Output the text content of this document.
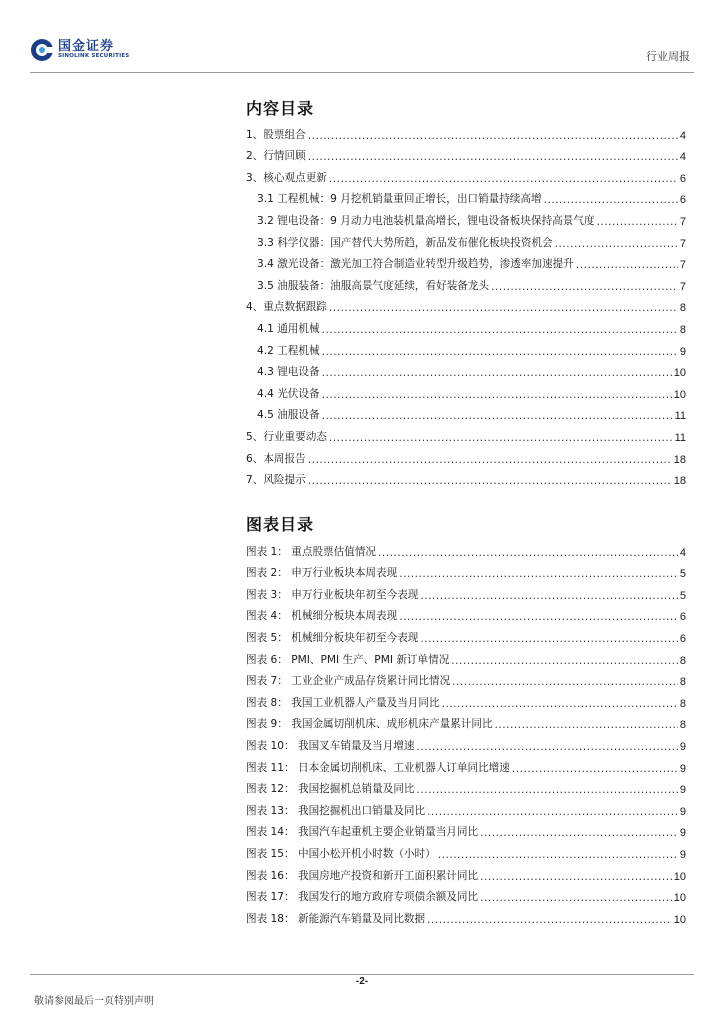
国金证券
SINOLINK SECURITIES	行业周报
内容目录
1、股票组合 .....	4
2、行情回顾 .....	4
3、核心观点更新 .....	6
3.1 工程机械：9 月挖机销量重回正增长，出口销量持续高增 .....	6
3.2 锂电设备：9 月动力电池装机量高增长，锂电设备板块保持高景气度 .....	7
3.3 科学仪器：国产替代大势所趋，新品发布催化板块投资机会 .....	7
3.4 激光设备：激光加工符合制造业转型升级趋势，渗透率加速提升 .....	7
3.5 油服装备：油服高景气度延续，看好装备龙头 .....	7
4、重点数据跟踪 .....	8
4.1 通用机械 .....	8
4.2 工程机械 .....	9
4.3 锂电设备 .....	10
4.4 光伏设备 .....	10
4.5 油服设备 .....	11
5、行业重要动态 .....	11
6、本周报告 .....	18
7、风险提示 .....	18
图表目录
图表 1： 重点股票估值情况 .....	4
图表 2： 申万行业板块本周表现 .....	5
图表 3： 申万行业板块年初至今表现 .....	5
图表 4： 机械细分板块本周表现 .....	6
图表 5： 机械细分板块年初至今表现 .....	6
图表 6： PMI、PMI 生产、PMI 新订单情况 .....	8
图表 7： 工业企业产成品存货累计同比情况 .....	8
图表 8： 我国工业机器人产量及当月同比 .....	8
图表 9： 我国金属切削机床、成形机床产量累计同比 .....	8
图表 10： 我国叉车销量及当月增速 .....	9
图表 11： 日本金属切削机床、工业机器人订单同比增速 .....	9
图表 12： 我国挖掘机总销量及同比 .....	9
图表 13： 我国挖掘机出口销量及同比 .....	9
图表 14： 我国汽车起重机主要企业销量当月同比 .....	9
图表 15： 中国小松开机小时数（小时） .....	9
图表 16： 我国房地产投资和新开工面积累计同比 .....	10
图表 17： 我国发行的地方政府专项债余额及同比 .....	10
图表 18： 新能源汽车销量及同比数据 .....	10
-2-
敬请参阅最后一页特别声明
